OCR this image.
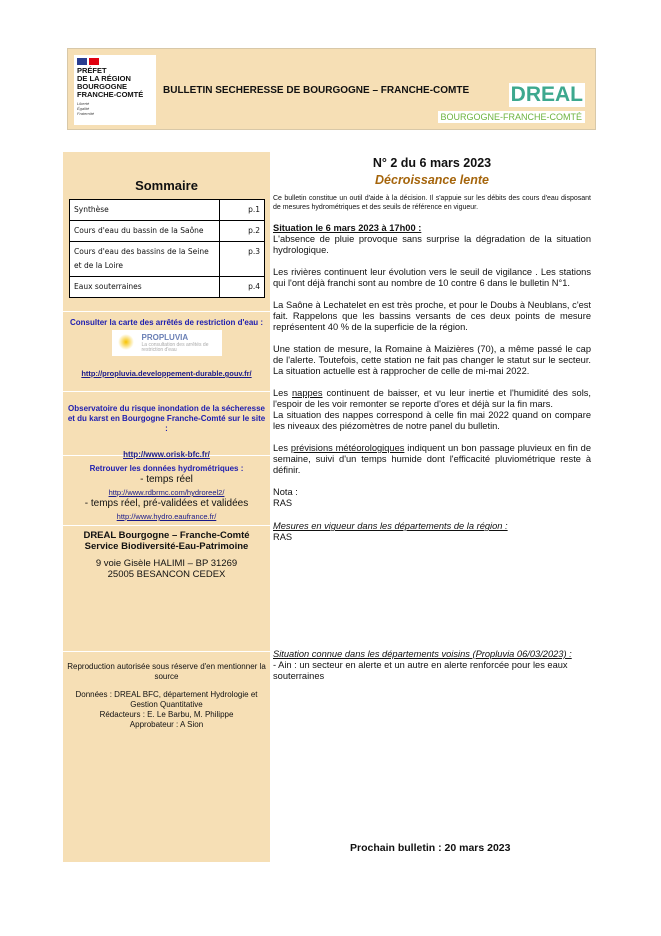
PRÉFET
DE LA RÉGION
BOURGOGNE
FRANCHE-COMTÉ
Liberté
Égalité
Fraternité
BULLETIN SECHERESSE DE BOURGOGNE – FRANCHE-COMTE DREAL
BOURGOGNE-FRANCHE-COMTÉ
Sommaire
Synthèse	p.1
Cours d'eau du bassin de la Saône	p.2
Cours d'eau des bassins de la Seine et de la Loire	p.3
Eaux souterraines	p.4
Consulter la carte des arrêtés de restriction d'eau :
PROPLUVIA
La consultation des arrêtés de restriction d'eau
http://propluvia.developpement-durable.gouv.fr/
Observatoire du risque inondation de la sécheresse et du karst en Bourgogne Franche-Comté sur le site :
http://www.orisk-bfc.fr/
Retrouver les données hydrométriques :
- temps réel
http://www.rdbrmc.com/hydroreel2/
- temps réel, pré-validées et validées
http://www.hydro.eaufrance.fr/
DREAL Bourgogne – Franche-Comté
Service Biodiversité-Eau-Patrimoine
9 voie Gisèle HALIMI – BP 31269
25005 BESANCON CEDEX
Reproduction autorisée sous réserve d'en mentionner la source
Données : DREAL BFC, département Hydrologie et Gestion Quantitative
Rédacteurs : E. Le Barbu, M. Philippe
Approbateur : A Sion
N° 2 du 6 mars 2023
Décroissance lente

Ce bulletin constitue un outil d'aide à la décision. Il s'appuie sur les débits des cours d'eau disposant de mesures hydrométriques et des seuils de référence en vigueur.

Situation le 6 mars 2023 à 17h00 :

L'absence de pluie provoque sans surprise la dégradation de la situation hydrologique.

Les rivières continuent leur évolution vers le seuil de vigilance . Les stations qui l'ont déjà franchi sont au nombre de 10 contre 6 dans le bulletin N°1.

La Saône à Lechatelet en est très proche, et pour le Doubs à Neublans, c'est fait. Rappelons que les bassins versants de ces deux points de mesure représentent 40 % de la superficie de la région.

Une station de mesure, la Romaine à Maizières (70), a même passé le cap de l'alerte. Toutefois, cette station ne fait pas changer le statut sur le secteur. La situation actuelle est à rapprocher de celle de mi-mai 2022.

Les nappes continuent de baisser, et vu leur inertie et l'humidité des sols, l'espoir de les voir remonter se reporte d'ores et déjà sur la fin mars.

La situation des nappes correspond à celle fin mai 2022 quand on compare les niveaux des piézomètres de notre panel du bulletin.

Les prévisions météorologiques indiquent un bon passage pluvieux en fin de semaine, suivi d'un temps humide dont l'efficacité pluviométrique reste à définir.

Nota :

RAS

Mesures en vigueur dans les départements de la région :

RAS

Situation connue dans les départements voisins (Propluvia 06/03/2023) :

- Ain : un secteur en alerte et un autre en alerte renforcée pour les eaux souterraines

Prochain bulletin : 20 mars 2023
